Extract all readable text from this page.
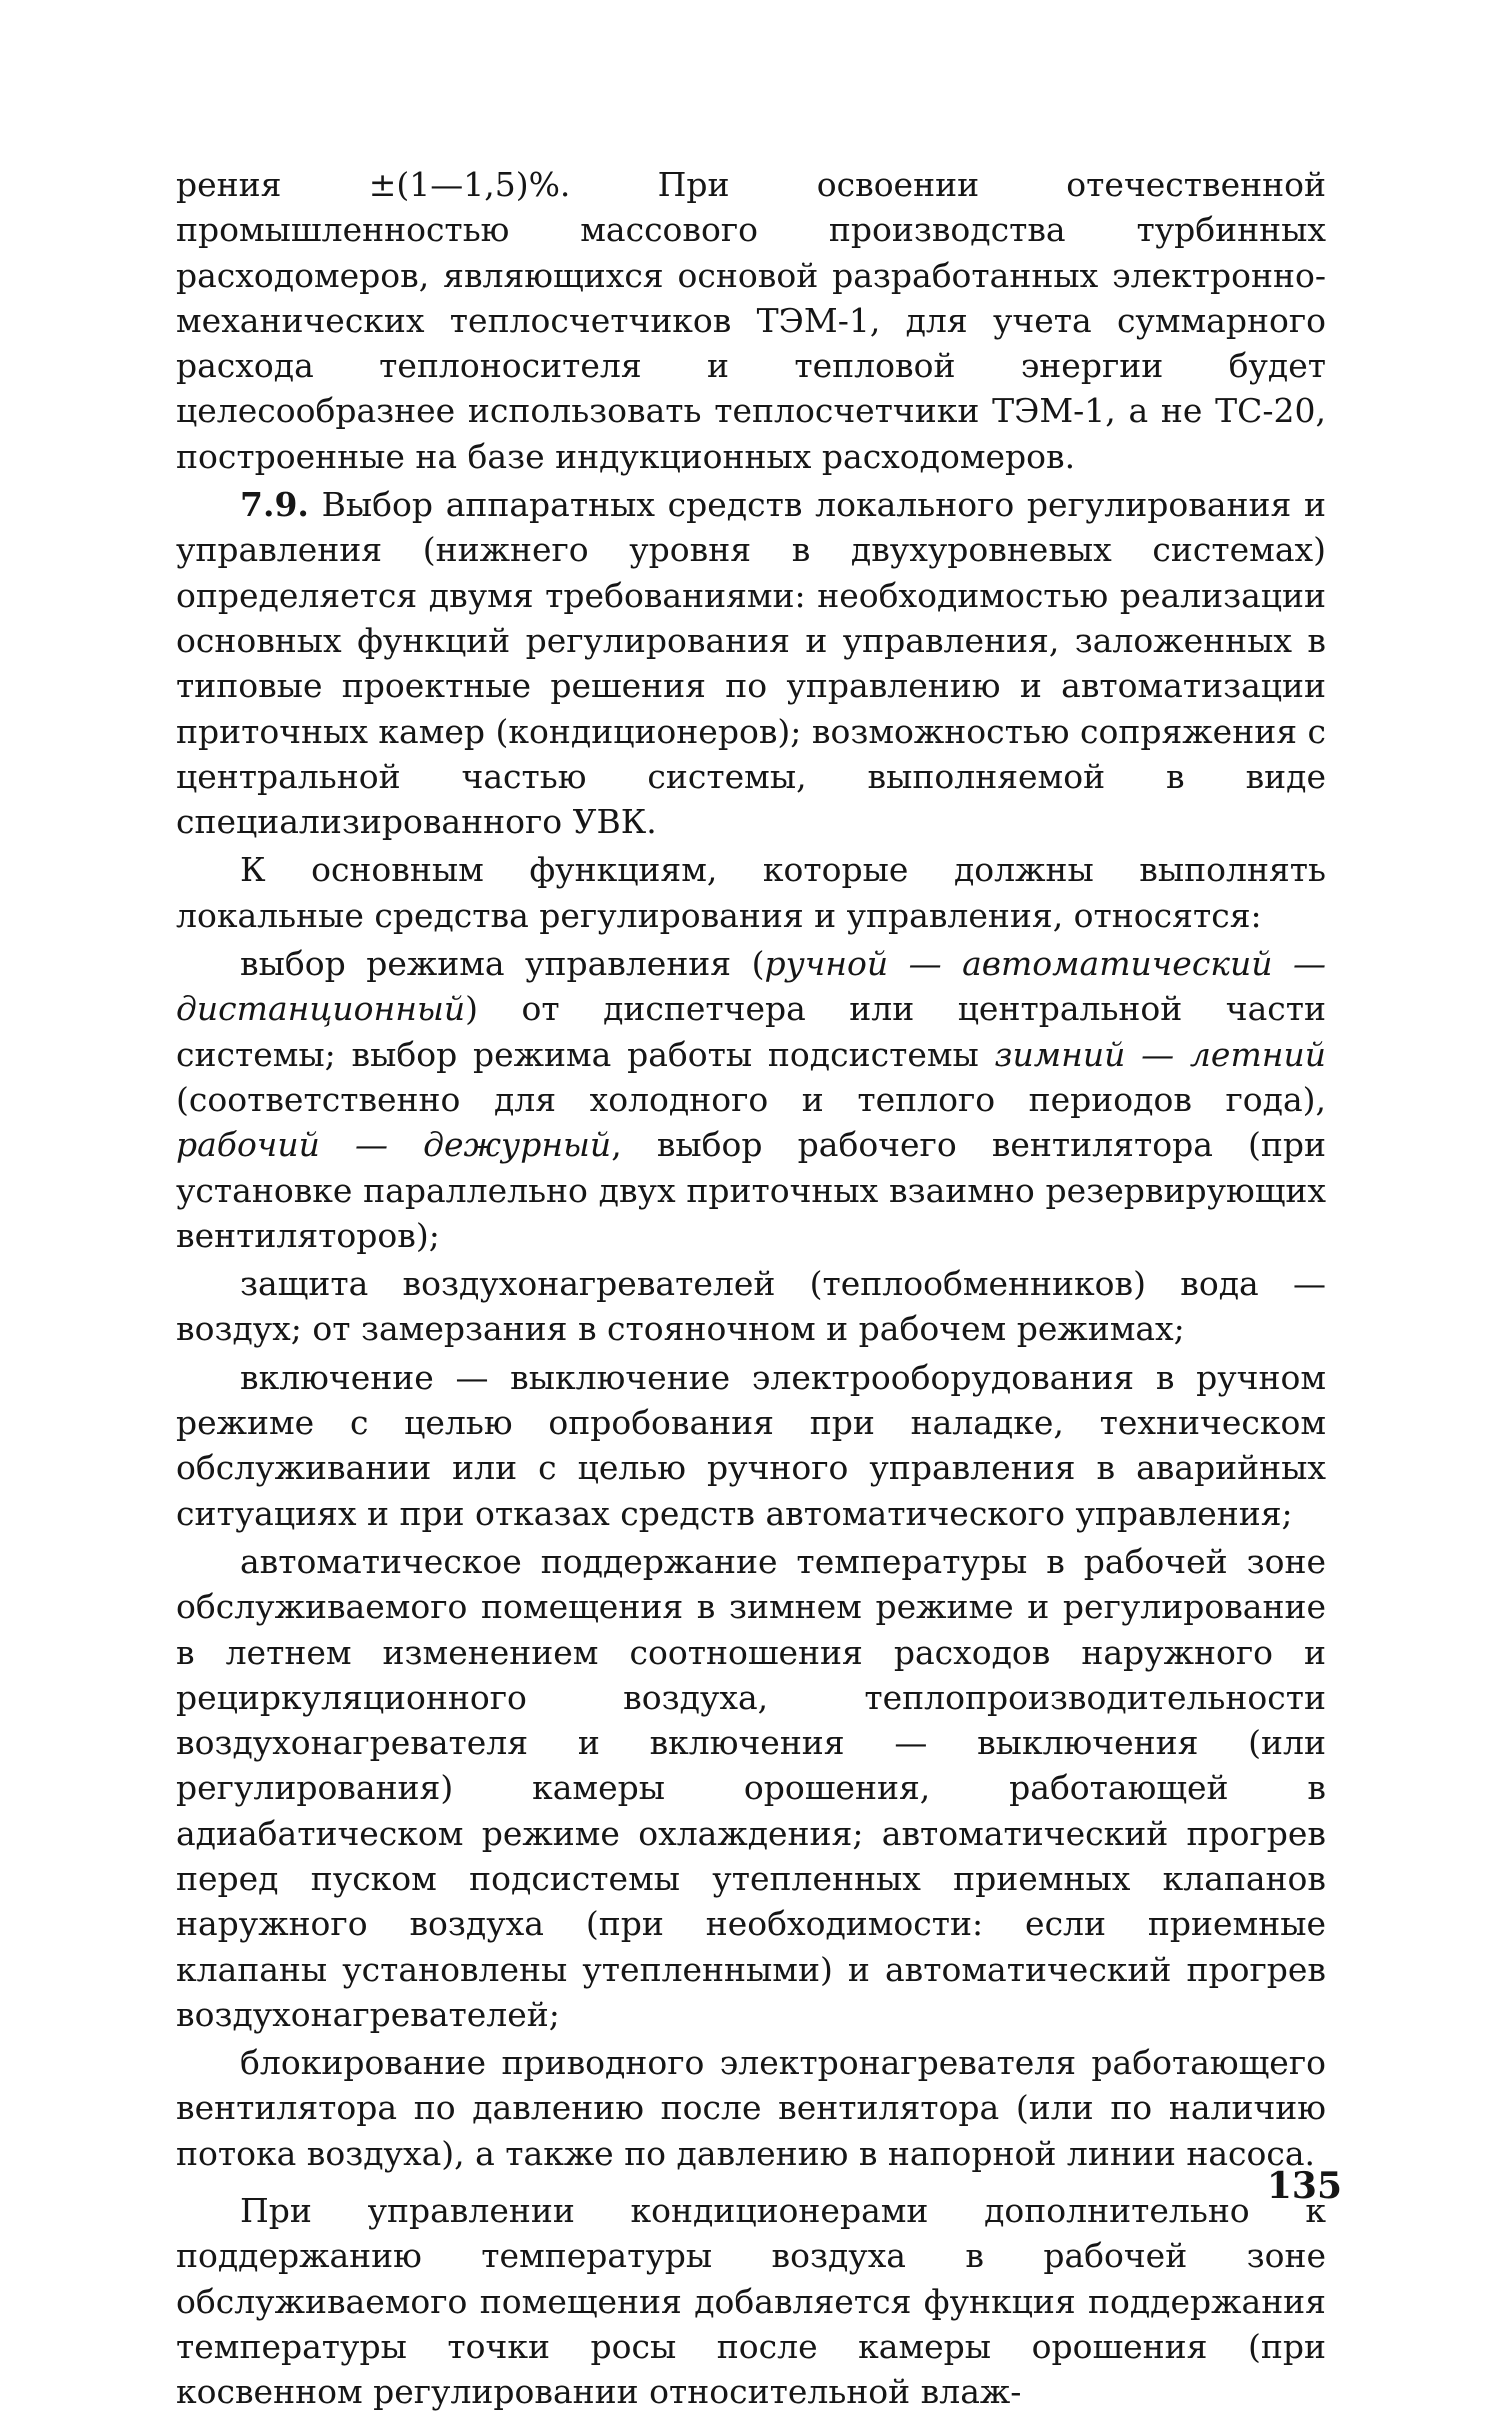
рения ±(1—1,5)%. При освоении отечественной промышленностью массового производства турбинных расходомеров, являющихся основой разработанных электронно-механических теплосчетчиков ТЭМ-1, для учета суммарного расхода теплоносителя и тепловой энергии будет целесообразнее использовать теплосчетчики ТЭМ-1, а не ТС-20, построенные на базе индукционных расходомеров.

7.9. Выбор аппаратных средств локального регулирования и управления (нижнего уровня в двухуровневых системах) определяется двумя требованиями: необходимостью реализации основных функций регулирования и управления, заложенных в типовые проектные решения по управлению и автоматизации приточных камер (кондиционеров); возможностью сопряжения с центральной частью системы, выполняемой в виде специализированного УВК.

К основным функциям, которые должны выполнять локальные средства регулирования и управления, относятся:

выбор режима управления (ручной — автоматический — дистанционный) от диспетчера или центральной части системы; выбор режима работы подсистемы зимний — летний (соответственно для холодного и теплого периодов года), рабочий — дежурный, выбор рабочего вентилятора (при установке параллельно двух приточных взаимно резервирующих вентиляторов);

защита воздухонагревателей (теплообменников) вода — воздух; от замерзания в стояночном и рабочем режимах;

включение — выключение электрооборудования в ручном режиме с целью опробования при наладке, техническом обслуживании или с целью ручного управления в аварийных ситуациях и при отказах средств автоматического управления;

автоматическое поддержание температуры в рабочей зоне обслуживаемого помещения в зимнем режиме и регулирование в летнем изменением соотношения расходов наружного и рециркуляционного воздуха, теплопроизводительности воздухонагревателя и включения — выключения (или регулирования) камеры орошения, работающей в адиабатическом режиме охлаждения; автоматический прогрев перед пуском подсистемы утепленных приемных клапанов наружного воздуха (при необходимости: если приемные клапаны установлены утепленными) и автоматический прогрев воздухонагревателей;

блокирование приводного электронагревателя работающего вентилятора по давлению после вентилятора (или по наличию потока воздуха), а также по давлению в напорной линии насоса.

При управлении кондиционерами дополнительно к поддержанию температуры воздуха в рабочей зоне обслуживаемого помещения добавляется функция поддержания температуры точки росы после камеры орошения (при косвенном регулировании относительной влаж-

135
